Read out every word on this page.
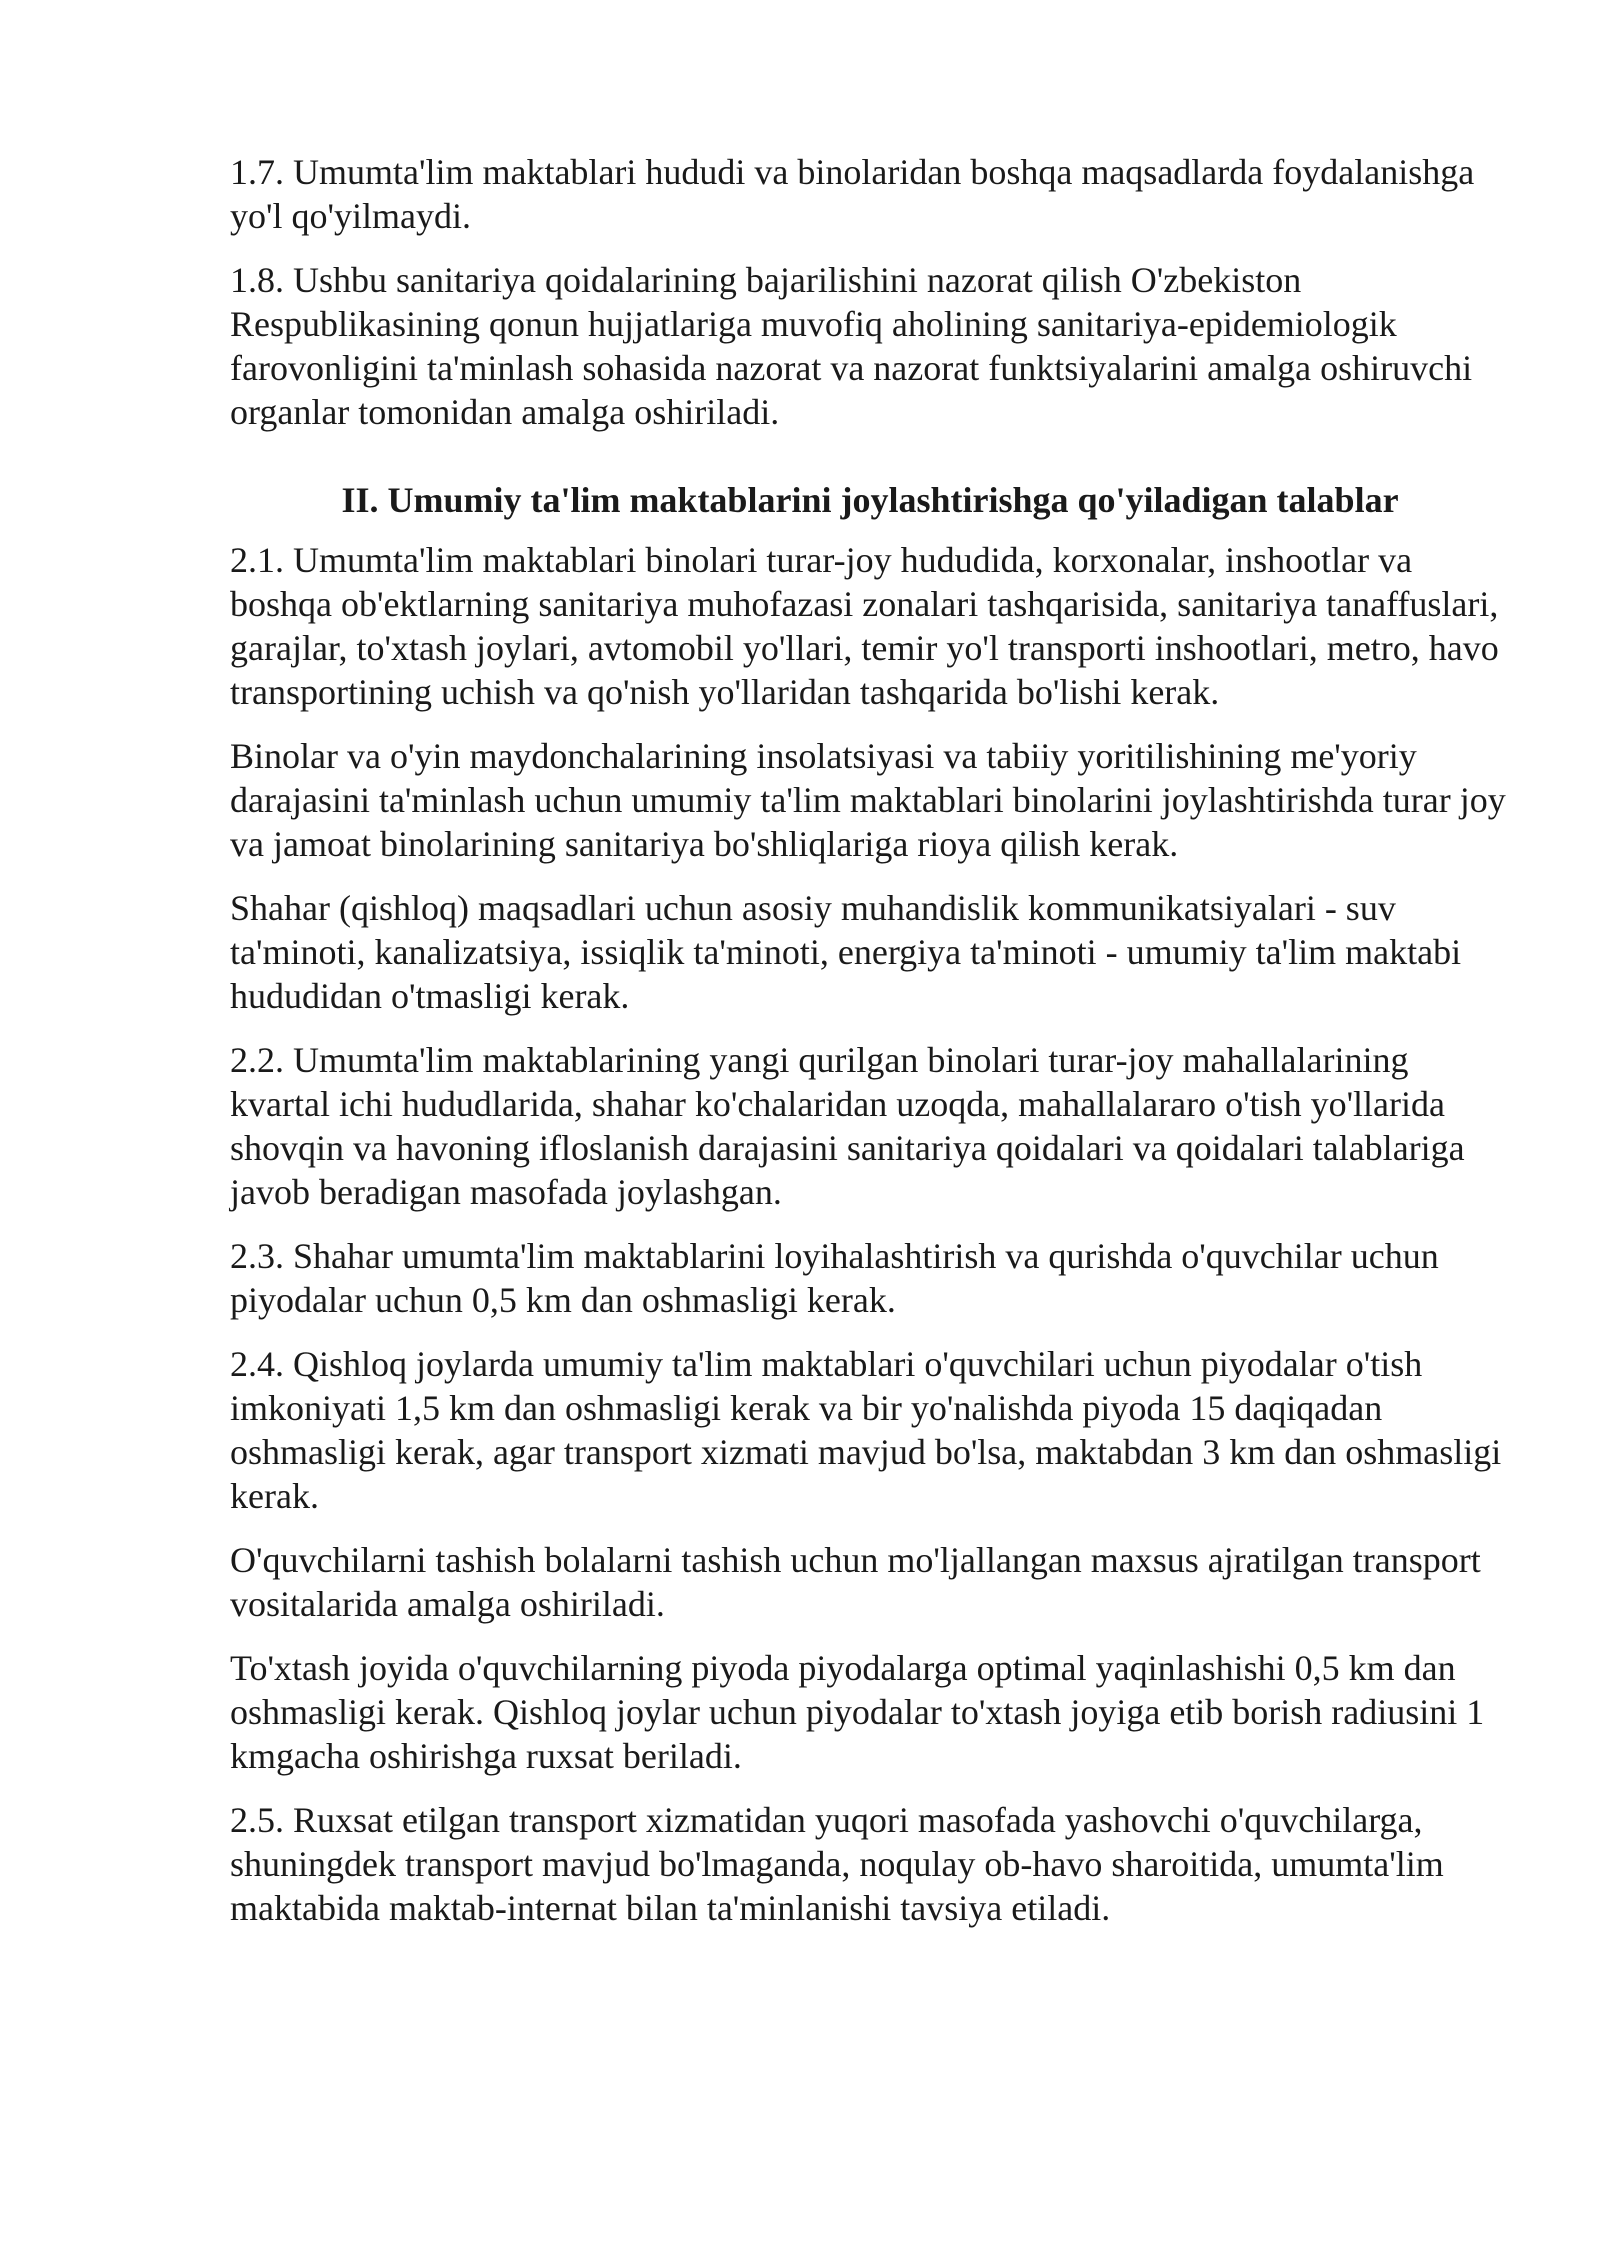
1.7. Umumta'lim maktablari hududi va binolaridan boshqa maqsadlarda foydalanishga yo'l qo'yilmaydi.

1.8. Ushbu sanitariya qoidalarining bajarilishini nazorat qilish O'zbekiston Respublikasining qonun hujjatlariga muvofiq aholining sanitariya-epidemiologik farovonligini ta'minlash sohasida nazorat va nazorat funktsiyalarini amalga oshiruvchi organlar tomonidan amalga oshiriladi.

II. Umumiy ta'lim maktablarini joylashtirishga qo'yiladigan talablar

2.1. Umumta'lim maktablari binolari turar-joy hududida, korxonalar, inshootlar va boshqa ob'ektlarning sanitariya muhofazasi zonalari tashqarisida, sanitariya tanaffuslari, garajlar, to'xtash joylari, avtomobil yo'llari, temir yo'l transporti inshootlari, metro, havo transportining uchish va qo'nish yo'llaridan tashqarida bo'lishi kerak.

Binolar va o'yin maydonchalarining insolatsiyasi va tabiiy yoritilishining me'yoriy darajasini ta'minlash uchun umumiy ta'lim maktablari binolarini joylashtirishda turar joy va jamoat binolarining sanitariya bo'shliqlariga rioya qilish kerak.

Shahar (qishloq) maqsadlari uchun asosiy muhandislik kommunikatsiyalari - suv ta'minoti, kanalizatsiya, issiqlik ta'minoti, energiya ta'minoti - umumiy ta'lim maktabi hududidan o'tmasligi kerak.

2.2. Umumta'lim maktablarining yangi qurilgan binolari turar-joy mahallalarining kvartal ichi hududlarida, shahar ko'chalaridan uzoqda, mahallalararo o'tish yo'llarida shovqin va havoning ifloslanish darajasini sanitariya qoidalari va qoidalari talablariga javob beradigan masofada joylashgan.

2.3. Shahar umumta'lim maktablarini loyihalashtirish va qurishda o'quvchilar uchun piyodalar uchun 0,5 km dan oshmasligi kerak.

2.4. Qishloq joylarda umumiy ta'lim maktablari o'quvchilari uchun piyodalar o'tish imkoniyati 1,5 km dan oshmasligi kerak va bir yo'nalishda piyoda 15 daqiqadan oshmasligi kerak, agar transport xizmati mavjud bo'lsa, maktabdan 3 km dan oshmasligi kerak.

O'quvchilarni tashish bolalarni tashish uchun mo'ljallangan maxsus ajratilgan transport vositalarida amalga oshiriladi.

To'xtash joyida o'quvchilarning piyoda piyodalarga optimal yaqinlashishi 0,5 km dan oshmasligi kerak. Qishloq joylar uchun piyodalar to'xtash joyiga etib borish radiusini 1 kmgacha oshirishga ruxsat beriladi.

2.5. Ruxsat etilgan transport xizmatidan yuqori masofada yashovchi o'quvchilarga, shuningdek transport mavjud bo'lmaganda, noqulay ob-havo sharoitida, umumta'lim maktabida maktab-internat bilan ta'minlanishi tavsiya etiladi.
